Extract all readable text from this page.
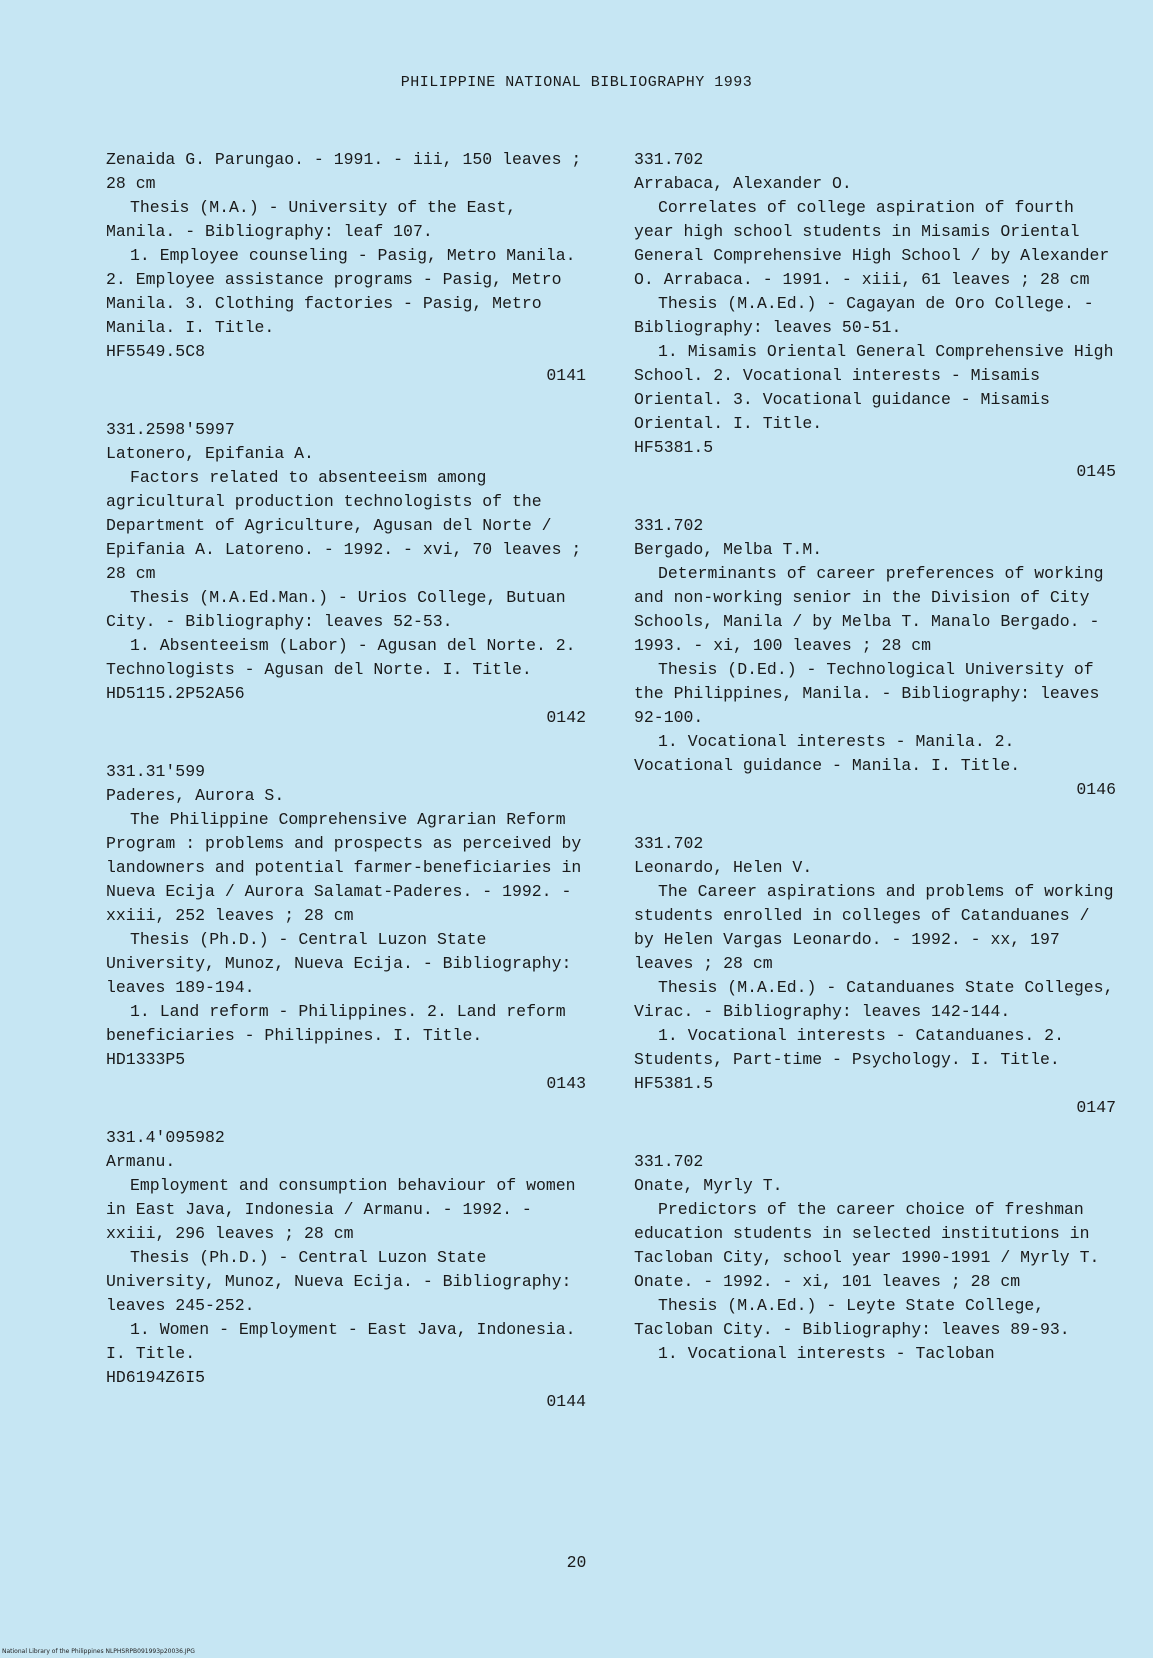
PHILIPPINE NATIONAL BIBLIOGRAPHY 1993

Zenaida G. Parungao. - 1991. - iii, 150 leaves ; 28 cm

Thesis (M.A.) - University of the East, Manila. - Bibliography: leaf 107.

1. Employee counseling - Pasig, Metro Manila. 2. Employee assistance programs - Pasig, Metro Manila. 3. Clothing factories - Pasig, Metro Manila. I. Title.

HF5549.5C8

0141

331.2598'5997

Latonero, Epifania A.

Factors related to absenteeism among agricultural production technologists of the Department of Agriculture, Agusan del Norte / Epifania A. Latoreno. - 1992. - xvi, 70 leaves ; 28 cm

Thesis (M.A.Ed.Man.) - Urios College, Butuan City. - Bibliography: leaves 52-53.

1. Absenteeism (Labor) - Agusan del Norte. 2. Technologists - Agusan del Norte. I. Title.

HD5115.2P52A56

0142

331.31'599

Paderes, Aurora S.

The Philippine Comprehensive Agrarian Reform Program : problems and prospects as perceived by landowners and potential farmer-beneficiaries in Nueva Ecija / Aurora Salamat-Paderes. - 1992. - xxiii, 252 leaves ; 28 cm

Thesis (Ph.D.) - Central Luzon State University, Munoz, Nueva Ecija. - Bibliography: leaves 189-194.

1. Land reform - Philippines. 2. Land reform beneficiaries - Philippines. I. Title.

HD1333P5

0143

331.4'095982

Armanu.

Employment and consumption behaviour of women in East Java, Indonesia / Armanu. - 1992. - xxiii, 296 leaves ; 28 cm

Thesis (Ph.D.) - Central Luzon State University, Munoz, Nueva Ecija. - Bibliography: leaves 245-252.

1. Women - Employment - East Java, Indonesia. I. Title.

HD6194Z6I5

0144

331.702

Arrabaca, Alexander O.

Correlates of college aspiration of fourth year high school students in Misamis Oriental General Comprehensive High School / by Alexander O. Arrabaca. - 1991. - xiii, 61 leaves ; 28 cm

Thesis (M.A.Ed.) - Cagayan de Oro College. - Bibliography: leaves 50-51.

1. Misamis Oriental General Comprehensive High School. 2. Vocational interests - Misamis Oriental. 3. Vocational guidance - Misamis Oriental. I. Title.

HF5381.5

0145

331.702

Bergado, Melba T.M.

Determinants of career preferences of working and non-working senior in the Division of City Schools, Manila / by Melba T. Manalo Bergado. - 1993. - xi, 100 leaves ; 28 cm

Thesis (D.Ed.) - Technological University of the Philippines, Manila. - Bibliography: leaves 92-100.

1. Vocational interests - Manila. 2. Vocational guidance - Manila. I. Title.

0146

331.702

Leonardo, Helen V.

The Career aspirations and problems of working students enrolled in colleges of Catanduanes / by Helen Vargas Leonardo. - 1992. - xx, 197 leaves ; 28 cm

Thesis (M.A.Ed.) - Catanduanes State Colleges, Virac. - Bibliography: leaves 142-144.

1. Vocational interests - Catanduanes. 2. Students, Part-time - Psychology. I. Title.

HF5381.5

0147

331.702

Onate, Myrly T.

Predictors of the career choice of freshman education students in selected institutions in Tacloban City, school year 1990-1991 / Myrly T. Onate. - 1992. - xi, 101 leaves ; 28 cm

Thesis (M.A.Ed.) - Leyte State College, Tacloban City. - Bibliography: leaves 89-93.

1. Vocational interests - Tacloban

20
National Library of the Philippines NLPHSRPB091993p20036.JPG
